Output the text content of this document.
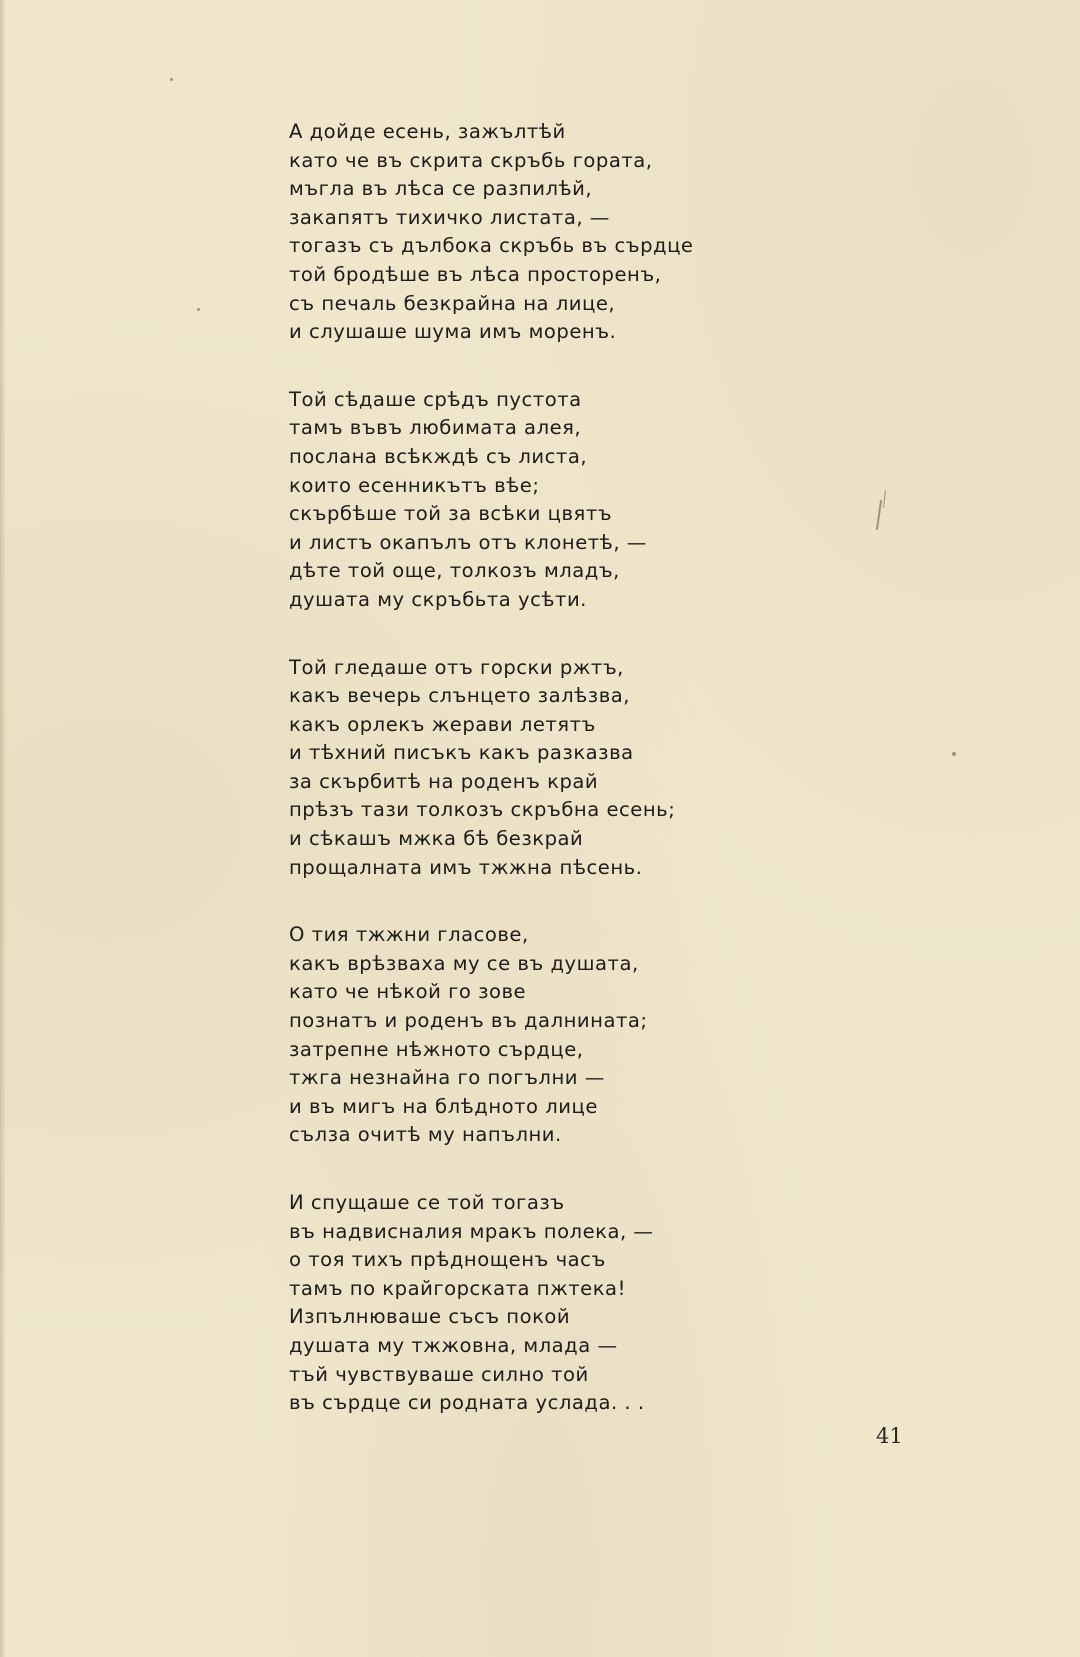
А дойде есень, зажълтѣй
като че въ скрита скръбь гората,
мъгла въ лѣса се разпилѣй,
закапятъ тихичко листата, —
тогазъ съ дълбока скръбь въ сърдце
той бродѣше въ лѣса просторенъ,
съ печаль безкрайна на лице,
и слушаше шума имъ моренъ.
Той сѣдаше срѣдъ пустота
тамъ въвъ любимата алея,
послана всѣкждѣ съ листа,
които есенникътъ вѣе;
скърбѣше той за всѣки цвятъ
и листъ окапълъ отъ клонетѣ, —
дѣте той още, толкозъ младъ,
душата му скръбьта усѣти.
Той гледаше отъ горски ржтъ,
какъ вечерь слънцето залѣзва,
какъ орлекъ жерави летятъ
и тѣхний писъкъ какъ разказва
за скърбитѣ на роденъ край
прѣзъ тази толкозъ скръбна есень;
и сѣкашъ мжка бѣ безкрай
прощалната имъ тжжна пѣсень.
О тия тжжни гласове,
какъ врѣзваха му се въ душата,
като че нѣкой го зове
познатъ и роденъ въ далнината;
затрепне нѣжното сърдце,
тжга незнайна го погълни —
и въ мигъ на блѣдното лице
сълза очитѣ му напълни.
И спущаше се той тогазъ
въ надвисналия мракъ полека, —
о тоя тихъ прѣднощенъ часъ
тамъ по крайгорската пжтека!
Изпълнюваше съсъ покой
душата му тжжовна, млада —
тъй чувствуваше силно той
въ сърдце си родната услада. . .
41
